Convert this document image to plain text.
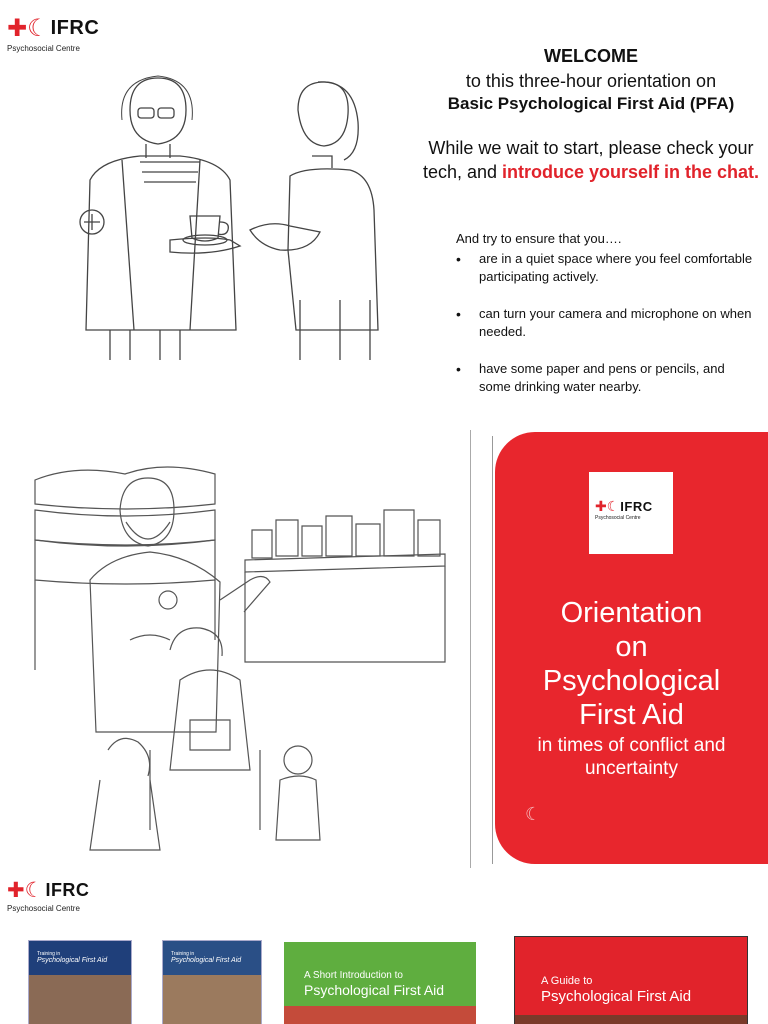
✚ ☾ IFRC
Psychosocial Centre	WELCOME
to this three-hour orientation on
Basic Psychological First Aid (PFA)
While we wait to start, please check your tech, and introduce yourself in the chat.
And try to ensure that you….
• are in a quiet space where you feel comfortable participating actively.
• can turn your camera and microphone on when needed.
• have some paper and pens or pencils, and some drinking water nearby.
✚ ☾ IFRC
Psychosocial Centre
Orientation
on
Psychological
First Aid
in times of conflict and uncertainty
☾
✚ ☾ IFRC
Psychosocial Centre
Training in
Psychological First Aid
Training in
Psychological First Aid
A Short Introduction to
Psychological First Aid
A Guide to
Psychological First Aid
